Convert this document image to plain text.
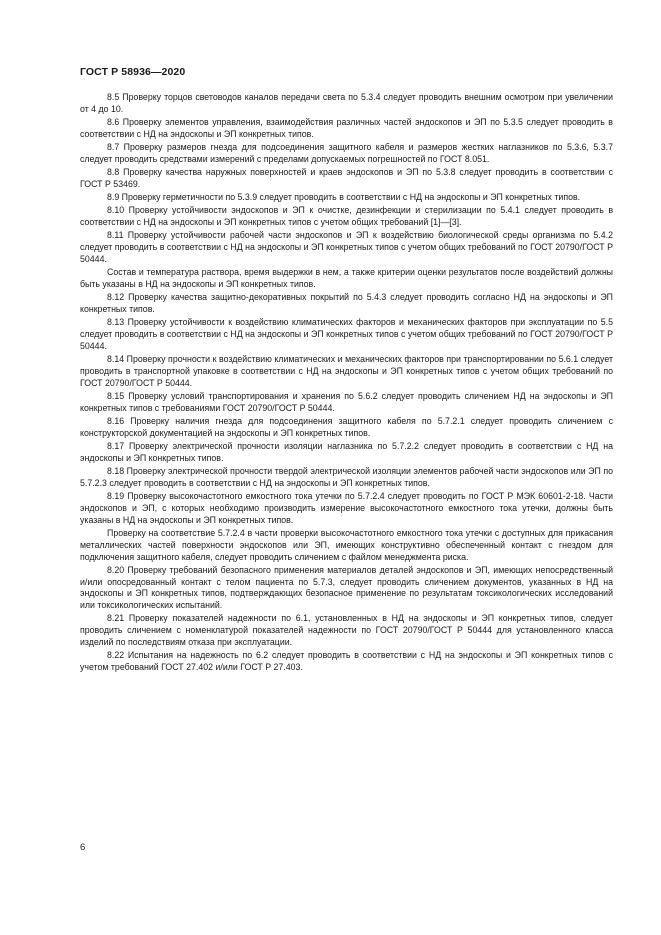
ГОСТ Р 58936—2020

8.5 Проверку торцов световодов каналов передачи света по 5.3.4 следует проводить внешним осмотром при увеличении от 4 до 10.

8.6 Проверку элементов управления, взаимодействия различных частей эндоскопов и ЭП по 5.3.5 следует проводить в соответствии с НД на эндоскопы и ЭП конкретных типов.

8.7 Проверку размеров гнезда для подсоединения защитного кабеля и размеров жестких наглазников по 5.3.6, 5.3.7 следует проводить средствами измерений с пределами допускаемых погрешностей по ГОСТ 8.051.

8.8 Проверку качества наружных поверхностей и краев эндоскопов и ЭП по 5.3.8 следует проводить в соответствии с ГОСТ Р 53469.

8.9 Проверку герметичности по 5.3.9 следует проводить в соответствии с НД на эндоскопы и ЭП конкретных типов.

8.10 Проверку устойчивости эндоскопов и ЭП к очистке, дезинфекции и стерилизации по 5.4.1 следует проводить в соответствии с НД на эндоскопы и ЭП конкретных типов с учетом общих требований [1]—[3].

8.11 Проверку устойчивости рабочей части эндоскопов и ЭП к воздействию биологической среды организма по 5.4.2 следует проводить в соответствии с НД на эндоскопы и ЭП конкретных типов с учетом общих требований по ГОСТ 20790/ГОСТ Р 50444.

Состав и температура раствора, время выдержки в нем, а также критерии оценки результатов после воздействий должны быть указаны в НД на эндоскопы и ЭП конкретных типов.

8.12 Проверку качества защитно-декоративных покрытий по 5.4.3 следует проводить согласно НД на эндоскопы и ЭП конкретных типов.

8.13 Проверку устойчивости к воздействию климатических факторов и механических факторов при эксплуатации по 5.5 следует проводить в соответствии с НД на эндоскопы и ЭП конкретных типов с учетом общих требований по ГОСТ 20790/ГОСТ Р 50444.

8.14 Проверку прочности к воздействию климатических и механических факторов при транспортировании по 5.6.1 следует проводить в транспортной упаковке в соответствии с НД на эндоскопы и ЭП конкретных типов с учетом общих требований по ГОСТ 20790/ГОСТ Р 50444.

8.15 Проверку условий транспортирования и хранения по 5.6.2 следует проводить сличением НД на эндоскопы и ЭП конкретных типов с требованиями ГОСТ 20790/ГОСТ Р 50444.

8.16 Проверку наличия гнезда для подсоединения защитного кабеля по 5.7.2.1 следует проводить сличением с конструкторской документацией на эндоскопы и ЭП конкретных типов.

8.17 Проверку электрической прочности изоляции наглазника по 5.7.2.2 следует проводить в соответствии с НД на эндоскопы и ЭП конкретных типов.

8.18 Проверку электрической прочности твердой электрической изоляции элементов рабочей части эндоскопов или ЭП по 5.7.2.3 следует проводить в соответствии с НД на эндоскопы и ЭП конкретных типов.

8.19 Проверку высокочастотного емкостного тока утечки по 5.7.2.4 следует проводить по ГОСТ Р МЭК 60601-2-18. Части эндоскопов и ЭП, с которых необходимо производить измерение высокочастотного емкостного тока утечки, должны быть указаны в НД на эндоскопы и ЭП конкретных типов.

Проверку на соответствие 5.7.2.4 в части проверки высокочастотного емкостного тока утечки с доступных для прикасания металлических частей поверхности эндоскопов или ЭП, имеющих конструктивно обеспеченный контакт с гнездом для подключения защитного кабеля, следует проводить сличением с файлом менеджмента риска.

8.20 Проверку требований безопасного применения материалов деталей эндоскопов и ЭП, имеющих непосредственный и/или опосредованный контакт с телом пациента по 5.7.3, следует проводить сличением документов, указанных в НД на эндоскопы и ЭП конкретных типов, подтверждающих безопасное применение по результатам токсикологических исследований или токсикологических испытаний.

8.21 Проверку показателей надежности по 6.1, установленных в НД на эндоскопы и ЭП конкретных типов, следует проводить сличением с номенклатурой показателей надежности по ГОСТ 20790/ГОСТ Р 50444 для установленного класса изделий по последствиям отказа при эксплуатации.

8.22 Испытания на надежность по 6.2 следует проводить в соответствии с НД на эндоскопы и ЭП конкретных типов с учетом требований ГОСТ 27.402 и/или ГОСТ Р 27.403.

6
